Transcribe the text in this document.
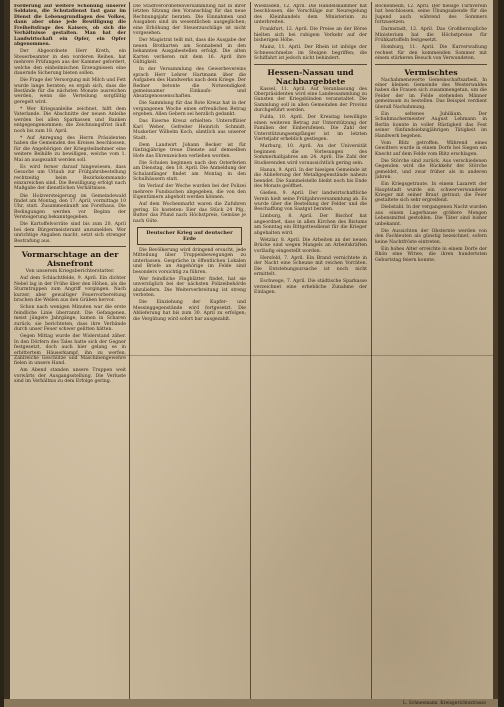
Forderung auf weitere Schonung unserer Soldaten, die Schutzdienst fast ganz im Dienst die Lebensgrundlagen des Volkes, dann aber ohne jede Bewilligung die Freiheitsfrage des Kaisers, ob sich die Verhältnisse gestalten. Man hat der Landwirtschaft ein Opfer, ein Opfer abgenommen.

Der Abgeordnete Herr Kreth, ein Steuerbeamter in den vorderen Reihen, hat mehrere Prüfungen aus der Kammer gefordert, welche den einheimischen Erzeugnissen eine dauernde Sicherung bieten sollen.

Die Frage der Versorgung mit Milch und Fett wurde lange beraten; es ergab sich, dass die Bestände für die nächsten Monate ausreichen werden, wenn die Verteilung sorgfältig geregelt wird.

* Wer Kriegsanleihe zeichnet, hilft dem Vaterlande. Die Abschnitte der neuen Anleihe werden bei allen Sparkassen und Banken entgegengenommen; die Zeichnungsfrist läuft noch bis zum 18. April.

* Auf Anregung des Herrn Präsidenten haben die Gemeinden des Kreises beschlossen, für die Angehörigen der Kriegsteilnehmer eine weitere Beihilfe zu bewilligen, welche vom 1. Mai an ausgezahlt werden soll.

Es wird ferner darauf hingewiesen, dass Gesuche um Urlaub zur Frühjahrsbestellung rechtzeitig beim Bezirkskommando einzureichen sind. Die Bewilligung erfolgt nach Maßgabe der dienstlichen Verhältnisse.

Die Holzversteigerung im Gemeindewald findet am Montag, den 17. April, vormittags 10 Uhr, statt. Zusammenkunft am Forsthaus. Die Bedingungen werden vor Beginn der Versteigerung bekanntgegeben.

Die Kartoffelvorräte sind bis zum 20. April bei dem Bürgermeisteramt anzumelden. Wer unrichtige Angaben macht, setzt sich strenger Bestrafung aus.

Vormarschtage an der Aisnefront
Von unserem Kriegsberichterstatter.

Auf dem Schlachtfelde, 9. April. Ein dichter Nebel lag in der Frühe über den Höhen, als die Sturmtruppen zum Angriff vorgingen. Nach kurzer, aber gewaltiger Feuervorbereitung brachen die Wellen aus den Gräben hervor.

Schon nach wenigen Minuten war die erste feindliche Linie überrannt. Die Gefangenen, meist jüngere Jahrgänge, kamen in Scharen zurück; sie berichteten, dass ihre Verbände durch unser Feuer schwer gelitten hätten.

Gegen Mittag wurde der Widerstand zäher. In den Dörfern des Tales hatte sich der Gegner festgesetzt, doch auch hier gelang es in erbittertem Häuserkampf, ihn zu werfen. Zahlreiche Geschütze und Maschinengewehre fielen in unsere Hand.

Am Abend standen unsere Truppen weit vorwärts der Ausgangsstellung. Die Verluste sind im Verhältnis zu dem Erfolge gering.

Die Stadtverordnetenversammlung hat in ihrer letzten Sitzung den Voranschlag für das neue Rechnungsjahr beraten. Die Einnahmen und Ausgaben sind im wesentlichen ausgeglichen; eine Erhöhung der Steuerzuschläge ist nicht vorgesehen.

Der Magistrat teilt mit, dass die Ausgabe der neuen Brotkarten am Sonnabend in den bekannten Ausgabestellen erfolgt. Die alten Karten verlieren mit dem 16. April ihre Gültigkeit.

In der Versammlung des Gewerbevereins sprach Herr Lehrer Hartmann über die Aufgaben des Handwerks nach dem Kriege. Der Redner betonte die Notwendigkeit gemeinsamer Einkaufs- und Absatzgenossenschaften.

Die Sammlung für das Rote Kreuz hat in der vergangenen Woche einen erfreulichen Betrag ergeben. Allen Gebern sei herzlich gedankt.

Das Eiserne Kreuz erhielten: Unteroffizier Karl Weber, Gefreiter Heinrich Schmidt, Musketier Wilhelm Koch, sämtlich aus unserer Stadt.

Dem Landwirt Johann Becker ist für fünfzigjährige treue Dienste auf demselben Hofe das Ehrenzeichen verliehen worden.

Die Schulen beginnen nach den Osterferien am Dienstag, den 18. April. Die Anmeldung der Schulanfänger findet am Montag in den Schulhäusern statt.

Im Verlauf der Woche wurden bei der Polizei mehrere Fundsachen abgegeben, die von den Eigentümern abgeholt werden können.

Auf dem Wochenmarkt waren die Zufuhren gering. Es kosteten: Eier das Stück 24 Pfg., Butter das Pfund nach Höchstpreis, Gemüse je nach Güte.

Deutscher Krieg auf deutscher Erde

Die Bevölkerung wird dringend ersucht, jede Mitteilung über Truppenbewegungen zu unterlassen. Gespräche in öffentlichen Lokalen und Briefe an Angehörige im Felde sind besonders vorsichtig zu führen.

Wer feindliche Flugblätter findet, hat sie unverzüglich bei der nächsten Polizeibehörde abzuliefern. Die Weiterverbreitung ist streng verboten.

Die Einziehung der Kupfer- und Messinggegenstände wird fortgesetzt. Die Ablieferung hat bis zum 30. April zu erfolgen; die Vergütung wird sofort bar ausgezahlt.

Wiesbaden, 12. April. Die Handelskammer hat beschlossen, die Vorschläge zur Neuregelung des Kleinhandels dem Ministerium zu unterbreiten.

Frankfurt, 12. April. Die Preise an der Börse hielten sich bei ruhigem Verkehr auf der bisherigen Höhe.

Mainz, 11. April. Der Rhein ist infolge der Schneeschmelze im Steigen begriffen; die Schiffahrt ist jedoch nicht behindert.

Hessen-Nassau und Nachbargebiete

Kassel, 11. April. Auf Veranlassung des Oberpräsidenten wird eine Landessammlung zu Gunsten der Kriegsblinden veranstaltet. Die Sammlung soll in allen Gemeinden der Provinz durchgeführt werden.

Fulda, 10. April. Der Kreistag bewilligte einen weiteren Betrag zur Unterstützung der Familien der Einberufenen. Die Zahl der Unterstützungsempfänger ist im letzten Vierteljahr erheblich gestiegen.

Marburg, 10. April. An der Universität beginnen die Vorlesungen des Sommerhalbjahres am 24. April. Die Zahl der Studierenden wird voraussichtlich gering sein.

Hanau, 9. April. In der hiesigen Gemeinde ist die Ablieferung der Metallgegenstände nahezu beendet. Die Sammelstelle bleibt noch bis Ende des Monats geöffnet.

Gießen, 9. April. Der landwirtschaftliche Verein hielt seine Frühjahrsversammlung ab. Es wurde über die Bestellung der Felder und die Beschaffung von Saatgut beraten.

Limburg, 8. April. Der Bischof hat angeordnet, dass in allen Kirchen des Bistums am Sonntag ein Bittgottesdienst für die Krieger abgehalten wird.

Wetzlar, 8. April. Die Arbeiten an der neuen Brücke sind wegen Mangels an Arbeitskräften vorläufig eingestellt worden.

Hersfeld, 7. April. Ein Brand vernichtete in der Nacht eine Scheune mit reichen Vorräten. Die Entstehungsursache ist noch nicht ermittelt.

Eschwege, 7. April. Die städtische Sparkasse verzeichnet eine erhebliche Zunahme der Einlagen.

Bockenheim, 12. April. Der hiesige Turnverein hat beschlossen, seine Übungsabende für die Jugend auch während des Sommers fortzusetzen.

Darmstadt, 12. April. Das Großherzogliche Ministerium hat die Höchstpreise für Frühkartoffeln festgesetzt.

Homburg, 11. April. Die Kurverwaltung rechnet für den kommenden Sommer mit einem stärkeren Besuch von Verwundeten.

Vermischtes

Nachahmenswerte Gemeinschaftsarbeit. In einer kleinen Gemeinde des Westerwaldes haben die Frauen sich zusammengetan, um die Felder der im Felde stehenden Männer gemeinsam zu bestellen. Das Beispiel verdient überall Nachahmung.

Ein seltenes Jubiläum. Der Schuhmachermeister August Lehmann in Berlin konnte in voller Rüstigkeit das Fest seiner fünfundsiebzigjährigen Tätigkeit im Handwerk begehen.

Vom Blitz getroffen. Während eines Gewitters wurde in einem Dorfe bei Siegen ein Knecht auf dem Felde vom Blitz erschlagen.

Die Störche sind zurück. Aus verschiedenen Gegenden wird die Rückkehr der Störche gemeldet, und zwar früher als in anderen Jahren.

Ein Kriegsgetraute. In einem Lazarett der Hauptstadt wurde ein schwerverwundeter Krieger mit seiner Braut getraut; die Feier gestaltete sich sehr ergreifend.

Diebstahl. In der vergangenen Nacht wurden aus einem Lagerhause größere Mengen Lebensmittel gestohlen. Die Täter sind bisher unbekannt.

Die Aussichten der Obsternte werden von den Fachleuten als günstig bezeichnet, sofern keine Nachtfröste eintreten.

Ein hohes Alter erreichte in einem Dorfe der Rhön eine Witwe, die ihren hundertsten Geburtstag feiern konnte.

L. Schneemann, Kreisgerichtsstrasse
